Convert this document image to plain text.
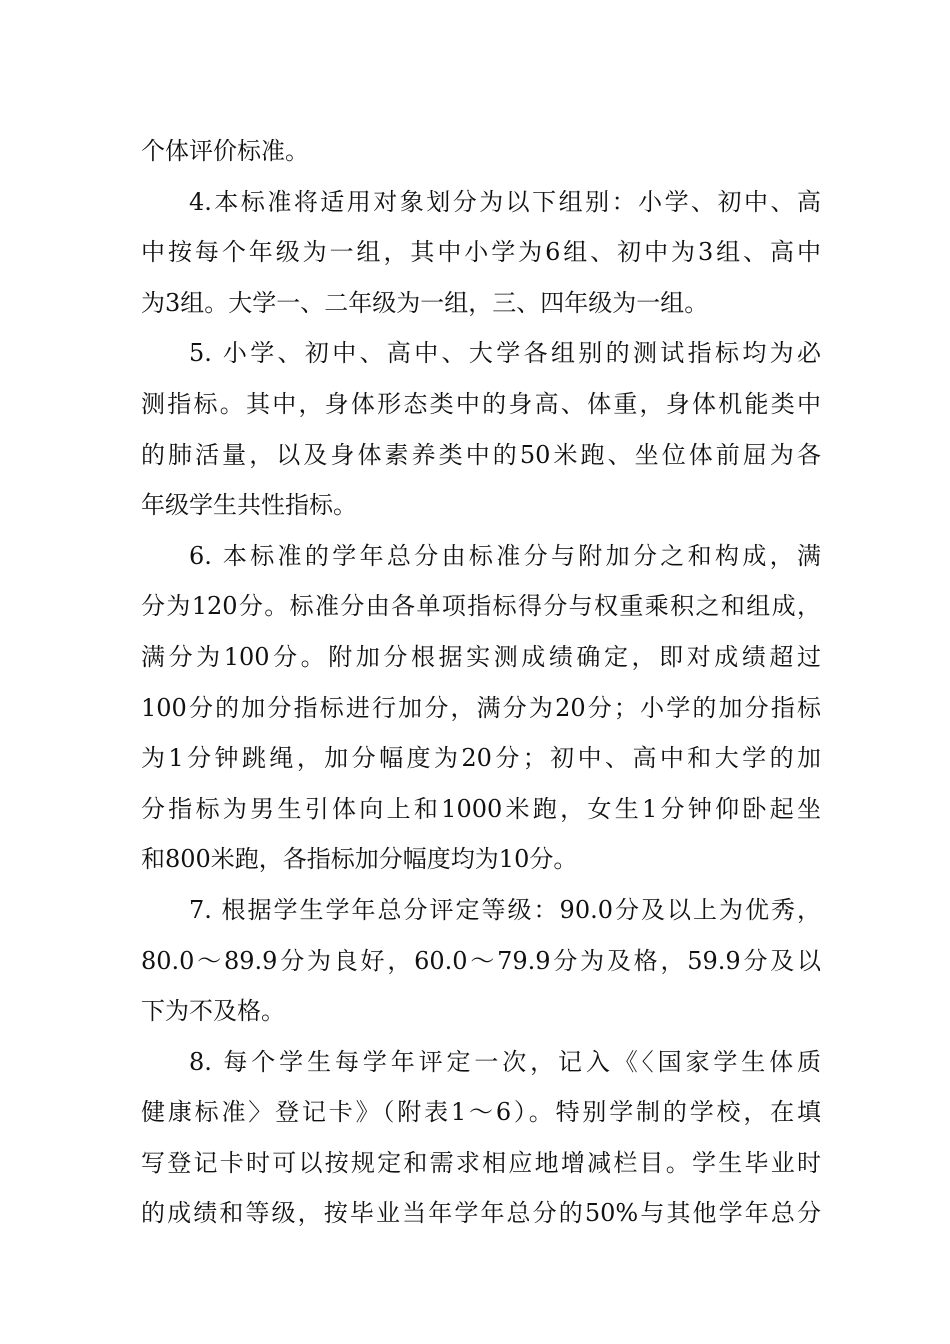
个体评价标准。
4.本标准将适用对象划分为以下组别：小学、初中、高
中按每个年级为一组，其中小学为6组、初中为3组、高中
为3组。大学一、二年级为一组，三、四年级为一组。
5. 小学、初中、高中、大学各组别的测试指标均为必
测指标。其中，身体形态类中的身高、体重，身体机能类中
的肺活量，以及身体素养类中的50米跑、坐位体前屈为各
年级学生共性指标。
6. 本标准的学年总分由标准分与附加分之和构成，满
分为120分。标准分由各单项指标得分与权重乘积之和组成，
满分为100分。附加分根据实测成绩确定，即对成绩超过
100分的加分指标进行加分，满分为20分；小学的加分指标
为1分钟跳绳，加分幅度为20分；初中、高中和大学的加
分指标为男生引体向上和1000米跑，女生1分钟仰卧起坐
和800米跑，各指标加分幅度均为10分。
7. 根据学生学年总分评定等级：90.0分及以上为优秀，
80.0～89.9分为良好，60.0～79.9分为及格，59.9分及以
下为不及格。
8. 每个学生每学年评定一次，记入《〈国家学生体质
健康标准〉登记卡》（附表1～6）。特别学制的学校，在填
写登记卡时可以按规定和需求相应地增减栏目。学生毕业时
的成绩和等级，按毕业当年学年总分的50%与其他学年总分
